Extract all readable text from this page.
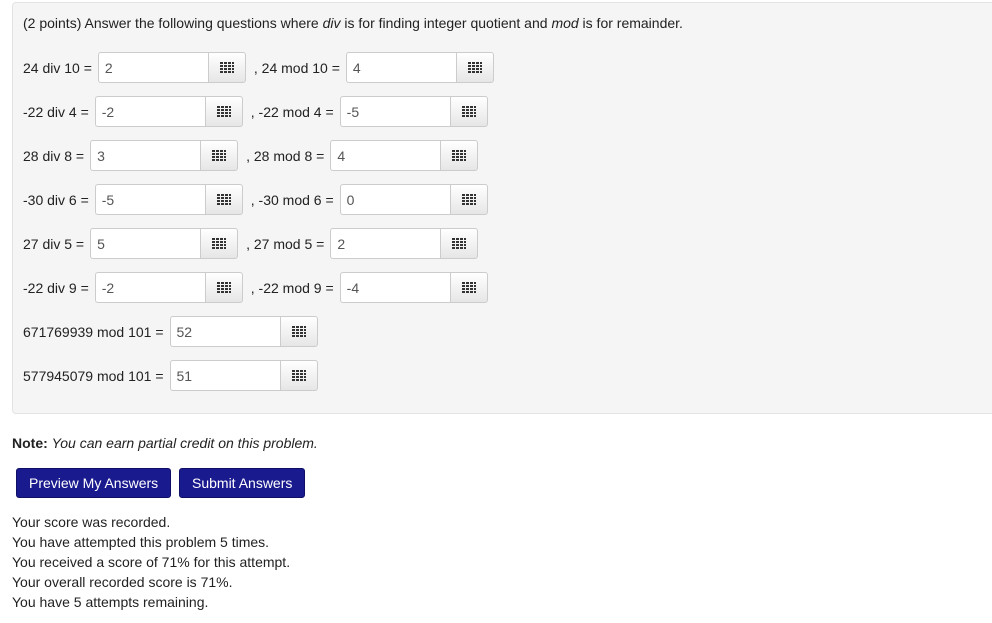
(2 points) Answer the following questions where div is for finding integer quotient and mod is for remainder.
24 div 10 =
2	, 24 mod 10 =
4
-22 div 4 =
-2	, -22 mod 4 =
-5
28 div 8 =
3	, 28 mod 8 =
4
-30 div 6 =
-5	, -30 mod 6 =
0
27 div 5 =
5	, 27 mod 5 =
2
-22 div 9 =
-2	, -22 mod 9 =
-4
671769939 mod 101 =
52
577945079 mod 101 =
51
Note: You can earn partial credit on this problem.
Preview My Answers	Submit Answers
Your score was recorded.
You have attempted this problem 5 times.
You received a score of 71% for this attempt.
Your overall recorded score is 71%.
You have 5 attempts remaining.
